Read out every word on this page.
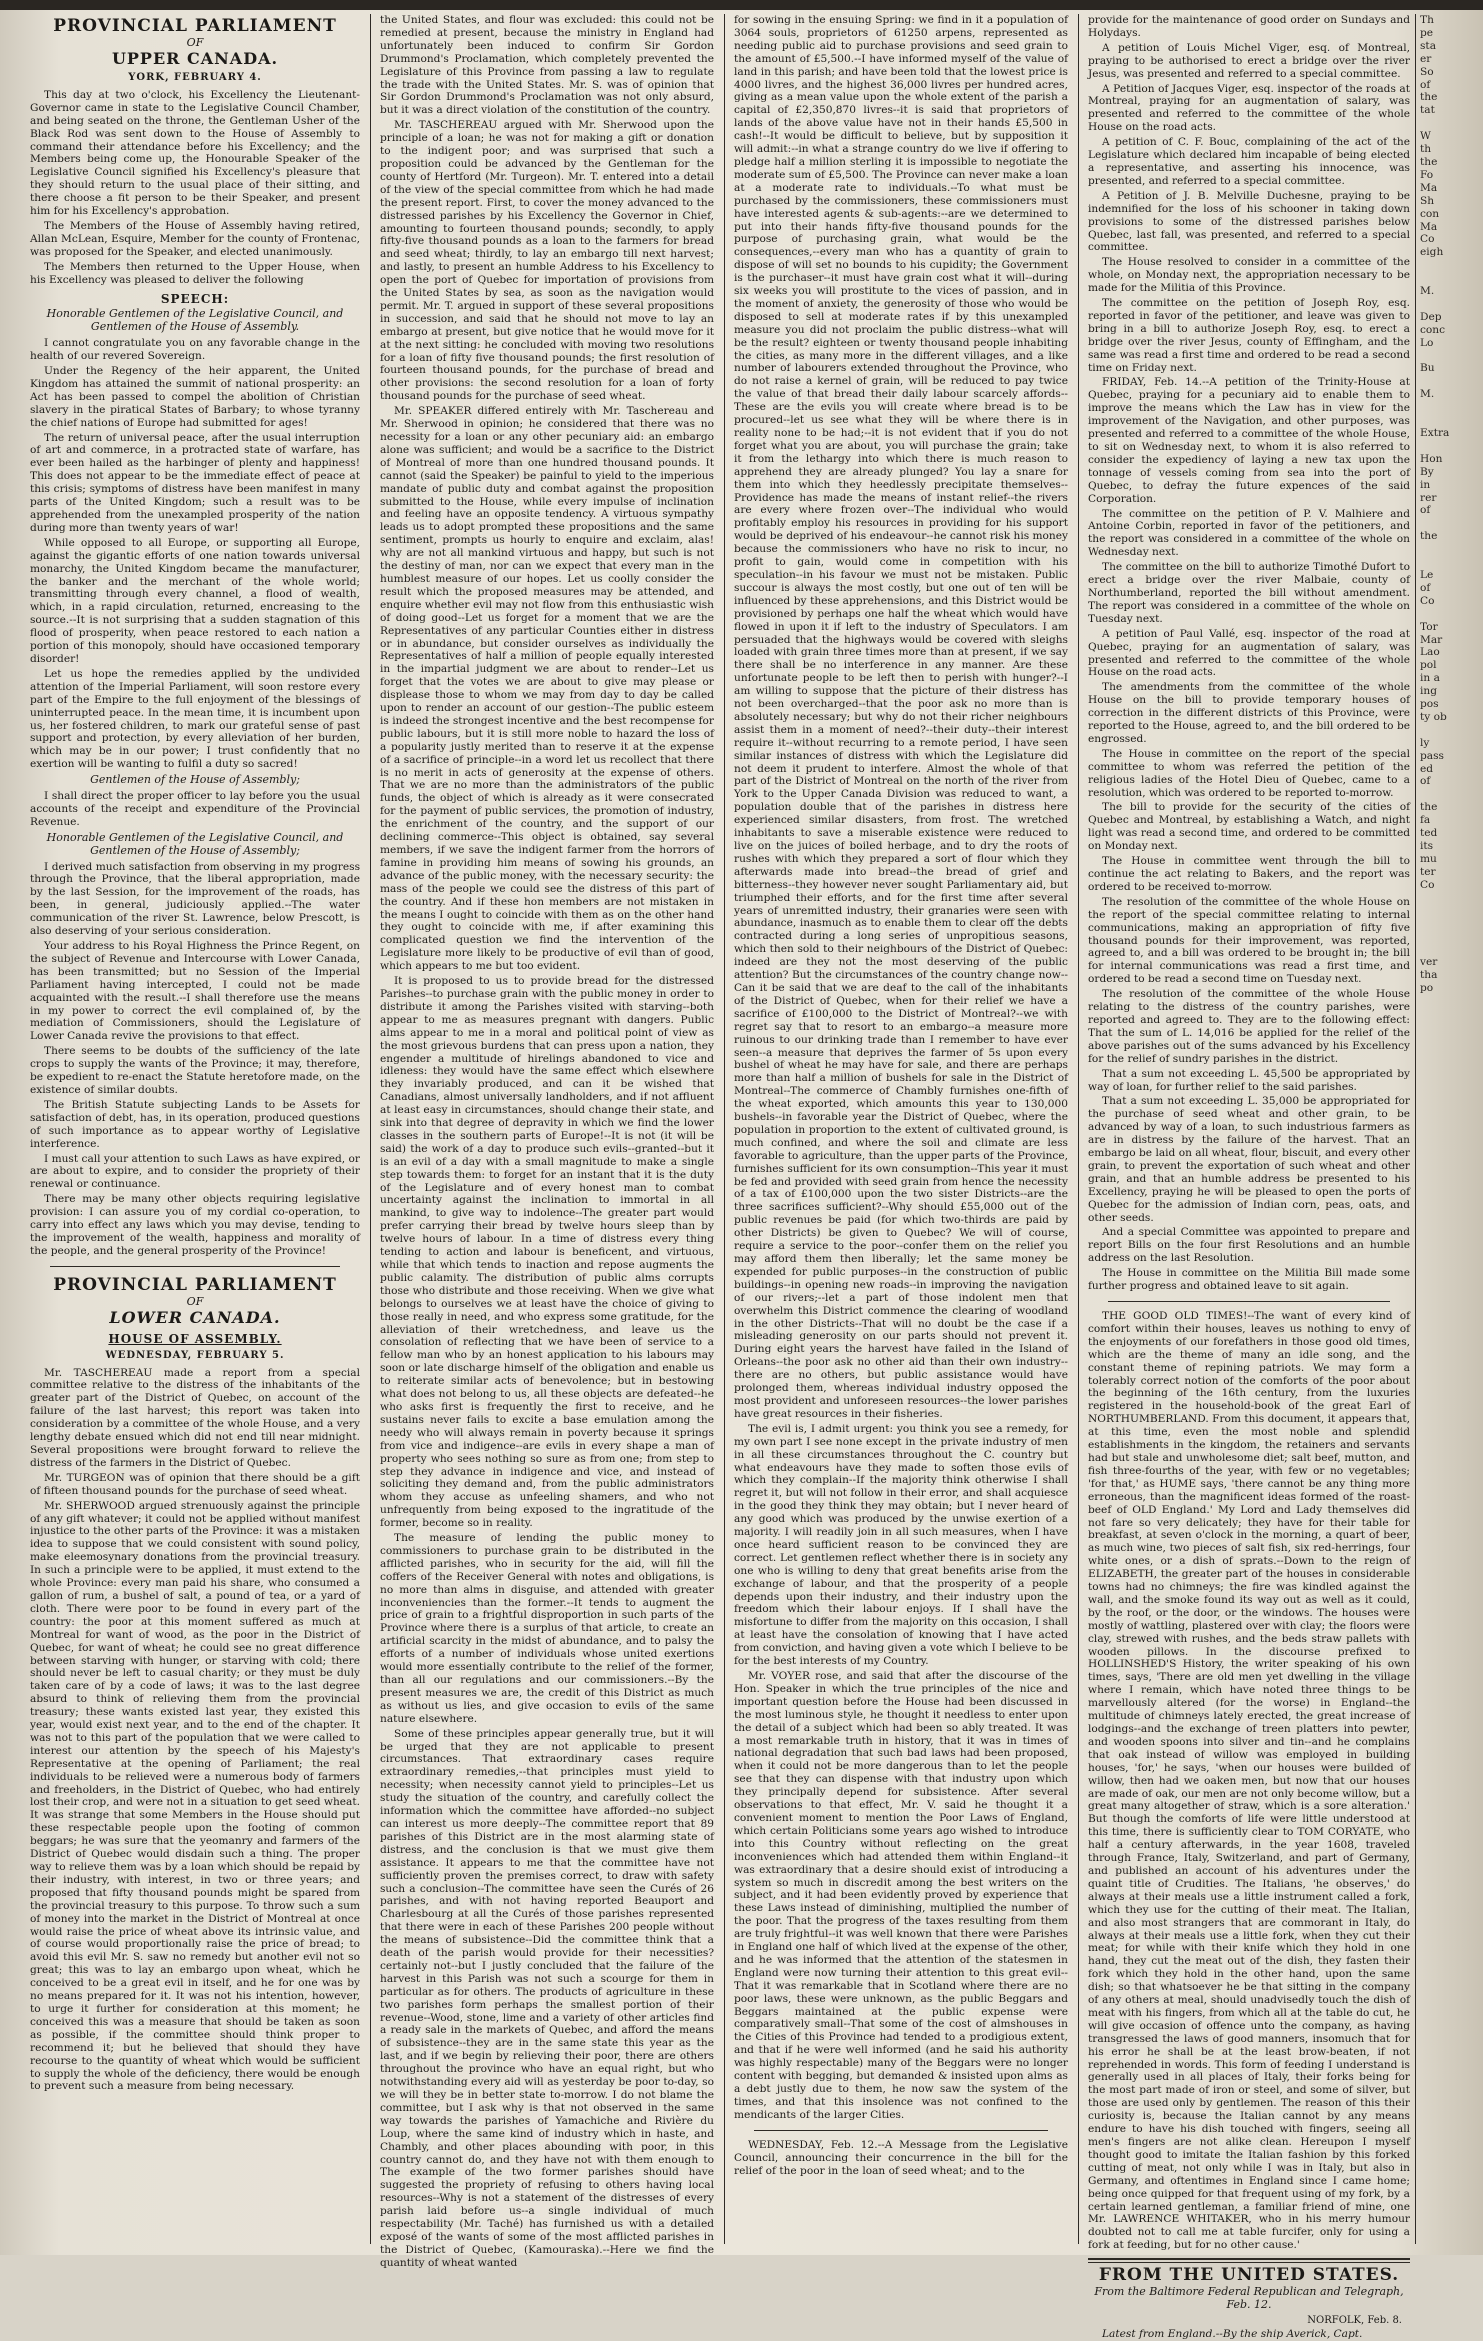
PROVINCIAL PARLIAMENT
OF
UPPER CANADA.
YORK, FEBRUARY 4.

This day at two o'clock, his Excellency the Lieutenant-Governor came in state to the Legislative Council Chamber, and being seated on the throne, the Gentleman Usher of the Black Rod was sent down to the House of Assembly to command their attendance before his Excellency; and the Members being come up, the Honourable Speaker of the Legislative Council signified his Excellency's pleasure that they should return to the usual place of their sitting, and there choose a fit person to be their Speaker, and present him for his Excellency's approbation.

The Members of the House of Assembly having retired, Allan McLean, Esquire, Member for the county of Frontenac, was proposed for the Speaker, and elected unanimously.

The Members then returned to the Upper House, when his Excellency was pleased to deliver the following

SPEECH:
Honorable Gentlemen of the Legislative Council, and Gentlemen of the House of Assembly.

I cannot congratulate you on any favorable change in the health of our revered Sovereign.

Under the Regency of the heir apparent, the United Kingdom has attained the summit of national prosperity: an Act has been passed to compel the abolition of Christian slavery in the piratical States of Barbary; to whose tyranny the chief nations of Europe had submitted for ages!

The return of universal peace, after the usual interruption of art and commerce, in a protracted state of warfare, has ever been hailed as the harbinger of plenty and happiness! This does not appear to be the immediate effect of peace at this crisis; symptoms of distress have been manifest in many parts of the United Kingdom; such a result was to be apprehended from the unexampled prosperity of the nation during more than twenty years of war!

While opposed to all Europe, or supporting all Europe, against the gigantic efforts of one nation towards universal monarchy, the United Kingdom became the manufacturer, the banker and the merchant of the whole world; transmitting through every channel, a flood of wealth, which, in a rapid circulation, returned, encreasing to the source.--It is not surprising that a sudden stagnation of this flood of prosperity, when peace restored to each nation a portion of this monopoly, should have occasioned temporary disorder!

Let us hope the remedies applied by the undivided attention of the Imperial Parliament, will soon restore every part of the Empire to the full enjoyment of the blessings of uninterrupted peace. In the mean time, it is incumbent upon us, her fostered children, to mark our grateful sense of past support and protection, by every alleviation of her burden, which may be in our power; I trust confidently that no exertion will be wanting to fulfil a duty so sacred!

Gentlemen of the House of Assembly;

I shall direct the proper officer to lay before you the usual accounts of the receipt and expenditure of the Provincial Revenue.

Honorable Gentlemen of the Legislative Council, and Gentlemen of the House of Assembly;

I derived much satisfaction from observing in my progress through the Province, that the liberal appropriation, made by the last Session, for the improvement of the roads, has been, in general, judiciously applied.--The water communication of the river St. Lawrence, below Prescott, is also deserving of your serious consideration.

Your address to his Royal Highness the Prince Regent, on the subject of Revenue and Intercourse with Lower Canada, has been transmitted; but no Session of the Imperial Parliament having intercepted, I could not be made acquainted with the result.--I shall therefore use the means in my power to correct the evil complained of, by the mediation of Commissioners, should the Legislature of Lower Canada revive the provisions to that effect.

There seems to be doubts of the sufficiency of the late crops to supply the wants of the Province; it may, therefore, be expedient to re-enact the Statute heretofore made, on the existence of similar doubts.

The British Statute subjecting Lands to be Assets for satisfaction of debt, has, in its operation, produced questions of such importance as to appear worthy of Legislative interference.

I must call your attention to such Laws as have expired, or are about to expire, and to consider the propriety of their renewal or continuance.

There may be many other objects requiring legislative provision: I can assure you of my cordial co-operation, to carry into effect any laws which you may devise, tending to the improvement of the wealth, happiness and morality of the people, and the general prosperity of the Province!

PROVINCIAL PARLIAMENT
OF
LOWER CANADA.
HOUSE OF ASSEMBLY.
WEDNESDAY, FEBRUARY 5.

Mr. TASCHEREAU made a report from a special committee relative to the distress of the inhabitants of the greater part of the District of Quebec, on account of the failure of the last harvest; this report was taken into consideration by a committee of the whole House, and a very lengthy debate ensued which did not end till near midnight. Several propositions were brought forward to relieve the distress of the farmers in the District of Quebec.

Mr. TURGEON was of opinion that there should be a gift of fifteen thousand pounds for the purchase of seed wheat.

Mr. SHERWOOD argued strenuously against the principle of any gift whatever; it could not be applied without manifest injustice to the other parts of the Province: it was a mistaken idea to suppose that we could consistent with sound policy, make eleemosynary donations from the provincial treasury. In such a principle were to be applied, it must extend to the whole Province: every man paid his share, who consumed a gallon of rum, a bushel of salt, a pound of tea, or a yard of cloth. There were poor to be found in every part of the country: the poor at this moment suffered as much at Montreal for want of wood, as the poor in the District of Quebec, for want of wheat; he could see no great difference between starving with hunger, or starving with cold; there should never be left to casual charity; or they must be duly taken care of by a code of laws; it was to the last degree absurd to think of relieving them from the provincial treasury; these wants existed last year, they existed this year, would exist next year, and to the end of the chapter. It was not to this part of the population that we were called to interest our attention by the speech of his Majesty's Representative at the opening of Parliament; the real individuals to be relieved were a numerous body of farmers and freeholders, in the District of Quebec, who had entirely lost their crop, and were not in a situation to get seed wheat. It was strange that some Members in the House should put these respectable people upon the footing of common beggars; he was sure that the yeomanry and farmers of the District of Quebec would disdain such a thing. The proper way to relieve them was by a loan which should be repaid by their industry, with interest, in two or three years; and proposed that fifty thousand pounds might be spared from the provincial treasury to this purpose. To throw such a sum of money into the market in the District of Montreal at once would raise the price of wheat above its intrinsic value, and of course would proportionally raise the price of bread; to avoid this evil Mr. S. saw no remedy but another evil not so great; this was to lay an embargo upon wheat, which he conceived to be a great evil in itself, and he for one was by no means prepared for it. It was not his intention, however, to urge it further for consideration at this moment; he conceived this was a measure that should be taken as soon as possible, if the committee should think proper to recommend it; but he believed that should they have recourse to the quantity of wheat which would be sufficient to supply the whole of the deficiency, there would be enough to prevent such a measure from being necessary.

the United States, and flour was excluded: this could not be remedied at present, because the ministry in England had unfortunately been induced to confirm Sir Gordon Drummond's Proclamation, which completely prevented the Legislature of this Province from passing a law to regulate the trade with the United States. Mr. S. was of opinion that Sir Gordon Drummond's Proclamation was not only absurd, but it was a direct violation of the constitution of the country.

Mr. TASCHEREAU argued with Mr. Sherwood upon the principle of a loan; he was not for making a gift or donation to the indigent poor; and was surprised that such a proposition could be advanced by the Gentleman for the county of Hertford (Mr. Turgeon). Mr. T. entered into a detail of the view of the special committee from which he had made the present report. First, to cover the money advanced to the distressed parishes by his Excellency the Governor in Chief, amounting to fourteen thousand pounds; secondly, to apply fifty-five thousand pounds as a loan to the farmers for bread and seed wheat; thirdly, to lay an embargo till next harvest; and lastly, to present an humble Address to his Excellency to open the port of Quebec for importation of provisions from the United States by sea, as soon as the navigation would permit. Mr. T. argued in support of these several propositions in succession, and said that he should not move to lay an embargo at present, but give notice that he would move for it at the next sitting: he concluded with moving two resolutions for a loan of fifty five thousand pounds; the first resolution of fourteen thousand pounds, for the purchase of bread and other provisions: the second resolution for a loan of forty thousand pounds for the purchase of seed wheat.

Mr. SPEAKER differed entirely with Mr. Taschereau and Mr. Sherwood in opinion; he considered that there was no necessity for a loan or any other pecuniary aid: an embargo alone was sufficient; and would be a sacrifice to the District of Montreal of more than one hundred thousand pounds. It cannot (said the Speaker) be painful to yield to the imperious mandate of public duty and combat against the proposition submitted to the House, while every impulse of inclination and feeling have an opposite tendency. A virtuous sympathy leads us to adopt prompted these propositions and the same sentiment, prompts us hourly to enquire and exclaim, alas! why are not all mankind virtuous and happy, but such is not the destiny of man, nor can we expect that every man in the humblest measure of our hopes. Let us coolly consider the result which the proposed measures may be attended, and enquire whether evil may not flow from this enthusiastic wish of doing good--Let us forget for a moment that we are the Representatives of any particular Counties either in distress or in abundance, but consider ourselves as individually the Representatives of half a million of people equally interested in the impartial judgment we are about to render--Let us forget that the votes we are about to give may please or displease those to whom we may from day to day be called upon to render an account of our gestion--The public esteem is indeed the strongest incentive and the best recompense for public labours, but it is still more noble to hazard the loss of a popularity justly merited than to reserve it at the expense of a sacrifice of principle--in a word let us recollect that there is no merit in acts of generosity at the expense of others. That we are no more than the administrators of the public funds, the object of which is already as it were consecrated for the payment of public services, the promotion of industry, the enrichment of the country, and the support of our declining commerce--This object is obtained, say several members, if we save the indigent farmer from the horrors of famine in providing him means of sowing his grounds, an advance of the public money, with the necessary security: the mass of the people we could see the distress of this part of the country. And if these hon members are not mistaken in the means I ought to coincide with them as on the other hand they ought to coincide with me, if after examining this complicated question we find the intervention of the Legislature more likely to be productive of evil than of good, which appears to me but too evident.

It is proposed to us to provide bread for the distressed Parishes--to purchase grain with the public money in order to distribute it among the Parishes visited with starving--both appear to me as measures pregnant with dangers. Public alms appear to me in a moral and political point of view as the most grievous burdens that can press upon a nation, they engender a multitude of hirelings abandoned to vice and idleness: they would have the same effect which elsewhere they invariably produced, and can it be wished that Canadians, almost universally landholders, and if not affluent at least easy in circumstances, should change their state, and sink into that degree of depravity in which we find the lower classes in the southern parts of Europe!--It is not (it will be said) the work of a day to produce such evils--granted--but it is an evil of a day with a small magnitude to make a single step towards them: to forget for an instant that it is the duty of the Legislature and of every honest man to combat uncertainty against the inclination to immortal in all mankind, to give way to indolence--The greater part would prefer carrying their bread by twelve hours sleep than by twelve hours of labour. In a time of distress every thing tending to action and labour is beneficent, and virtuous, while that which tends to inaction and repose augments the public calamity. The distribution of public alms corrupts those who distribute and those receiving. When we give what belongs to ourselves we at least have the choice of giving to those really in need, and who express some gratitude, for the alleviation of their wretchedness, and leave us the consolation of reflecting that we have been of service to a fellow man who by an honest application to his labours may soon or late discharge himself of the obligation and enable us to reiterate similar acts of benevolence; but in bestowing what does not belong to us, all these objects are defeated--he who asks first is frequently the first to receive, and he sustains never fails to excite a base emulation among the needy who will always remain in poverty because it springs from vice and indigence--are evils in every shape a man of property who sees nothing so sure as from one; from step to step they advance in indigence and vice, and instead of soliciting they demand and, from the public administrators whom they accuse as unfeeling shamers, and who not unfrequently from being exposed to the ingratitude of the former, become so in reality.

The measure of lending the public money to commissioners to purchase grain to be distributed in the afflicted parishes, who in security for the aid, will fill the coffers of the Receiver General with notes and obligations, is no more than alms in disguise, and attended with greater inconveniencies than the former.--It tends to augment the price of grain to a frightful disproportion in such parts of the Province where there is a surplus of that article, to create an artificial scarcity in the midst of abundance, and to palsy the efforts of a number of individuals whose united exertions would more essentially contribute to the relief of the former, than all our regulations and our commissioners.--By the present measures we are, the credit of this District as much as without us lies, and give occasion to evils of the same nature elsewhere.

Some of these principles appear generally true, but it will be urged that they are not applicable to present circumstances. That extraordinary cases require extraordinary remedies,--that principles must yield to necessity; when necessity cannot yield to principles--Let us study the situation of the country, and carefully collect the information which the committee have afforded--no subject can interest us more deeply--The committee report that 89 parishes of this District are in the most alarming state of distress, and the conclusion is that we must give them assistance. It appears to me that the committee have not sufficiently proven the premises correct, to draw with safety such a conclusion--The committee have seen the Curés of 26 parishes, and with not having reported Beauport and Charlesbourg at all the Curés of those parishes represented that there were in each of these Parishes 200 people without the means of subsistence--Did the committee think that a death of the parish would provide for their necessities? certainly not--but I justly concluded that the failure of the harvest in this Parish was not such a scourge for them in particular as for others. The products of agriculture in these two parishes form perhaps the smallest portion of their revenue--Wood, stone, lime and a variety of other articles find a ready sale in the markets of Quebec, and afford the means of subsistence--they are in the same state this year as the last, and if we begin by relieving their poor, there are others throughout the province who have an equal right, but who notwithstanding every aid will as yesterday be poor to-day, so we will they be in better state to-morrow. I do not blame the committee, but I ask why is that not observed in the same way towards the parishes of Yamachiche and Rivière du Loup, where the same kind of industry which in haste, and Chambly, and other places abounding with poor, in this country cannot do, and they have not with them enough to The example of the two former parishes should have suggested the propriety of refusing to others having local resources--Why is not a statement of the distresses of every parish laid before us--a single individual of much respectability (Mr. Taché) has furnished us with a detailed exposé of the wants of some of the most afflicted parishes in the District of Quebec, (Kamouraska).--Here we find the quantity of wheat wanted

for sowing in the ensuing Spring: we find in it a population of 3064 souls, proprietors of 61250 arpens, represented as needing public aid to purchase provisions and seed grain to the amount of £5,500.--I have informed myself of the value of land in this parish; and have been told that the lowest price is 4000 livres, and the highest 36,000 livres per hundred acres, giving as a mean value upon the whole extent of the parish a capital of £2,350,870 livres--it is said that proprietors of lands of the above value have not in their hands £5,500 in cash!--It would be difficult to believe, but by supposition it will admit:--in what a strange country do we live if offering to pledge half a million sterling it is impossible to negotiate the moderate sum of £5,500. The Province can never make a loan at a moderate rate to individuals.--To what must be purchased by the commissioners, these commissioners must have interested agents & sub-agents:--are we determined to put into their hands fifty-five thousand pounds for the purpose of purchasing grain, what would be the consequences,--every man who has a quantity of grain to dispose of will set no bounds to his cupidity; the Government is the purchaser--it must have grain cost what it will--during six weeks you will prostitute to the vices of passion, and in the moment of anxiety, the generosity of those who would be disposed to sell at moderate rates if by this unexampled measure you did not proclaim the public distress--what will be the result? eighteen or twenty thousand people inhabiting the cities, as many more in the different villages, and a like number of labourers extended throughout the Province, who do not raise a kernel of grain, will be reduced to pay twice the value of that bread their daily labour scarcely affords--These are the evils you will create where bread is to be procured--let us see what they will be where there is in reality none to be had;--it is not evident that if you do not forget what you are about, you will purchase the grain; take it from the lethargy into which there is much reason to apprehend they are already plunged? You lay a snare for them into which they heedlessly precipitate themselves--Providence has made the means of instant relief--the rivers are every where frozen over--The individual who would profitably employ his resources in providing for his support would be deprived of his endeavour--he cannot risk his money because the commissioners who have no risk to incur, no profit to gain, would come in competition with his speculation--in his favour we must not be mistaken. Public succour is always the most costly, but one out of ten will be influenced by these apprehensions, and this District would be provisioned by perhaps one half the wheat which would have flowed in upon it if left to the industry of Speculators. I am persuaded that the highways would be covered with sleighs loaded with grain three times more than at present, if we say there shall be no interference in any manner. Are these unfortunate people to be left then to perish with hunger?--I am willing to suppose that the picture of their distress has not been overcharged--that the poor ask no more than is absolutely necessary; but why do not their richer neighbours assist them in a moment of need?--their duty--their interest require it--without recurring to a remote period, I have seen similar instances of distress with which the Legislature did not deem it prudent to interfere. Almost the whole of that part of the District of Montreal on the north of the river from York to the Upper Canada Division was reduced to want, a population double that of the parishes in distress here experienced similar disasters, from frost. The wretched inhabitants to save a miserable existence were reduced to live on the juices of boiled herbage, and to dry the roots of rushes with which they prepared a sort of flour which they afterwards made into bread--the bread of grief and bitterness--they however never sought Parliamentary aid, but triumphed their efforts, and for the first time after several years of unremitted industry, their granaries were seen with abundance, inasmuch as to enable them to clear off the debts contracted during a long series of unpropitious seasons, which then sold to their neighbours of the District of Quebec: indeed are they not the most deserving of the public attention? But the circumstances of the country change now--Can it be said that we are deaf to the call of the inhabitants of the District of Quebec, when for their relief we have a sacrifice of £100,000 to the District of Montreal?--we with regret say that to resort to an embargo--a measure more ruinous to our drinking trade than I remember to have ever seen--a measure that deprives the farmer of 5s upon every bushel of wheat he may have for sale, and there are perhaps more than half a million of bushels for sale in the District of Montreal--The commerce of Chambly furnishes one-fifth of the wheat exported, which amounts this year to 130,000 bushels--in favorable year the District of Quebec, where the population in proportion to the extent of cultivated ground, is much confined, and where the soil and climate are less favorable to agriculture, than the upper parts of the Province, furnishes sufficient for its own consumption--This year it must be fed and provided with seed grain from hence the necessity of a tax of £100,000 upon the two sister Districts--are the three sacrifices sufficient?--Why should £55,000 out of the public revenues be paid (for which two-thirds are paid by other Districts) be given to Quebec? We will of course, require a service to the poor--confer them on the relief you may afford them then liberally; let the same money be expended for public purposes--in the construction of public buildings--in opening new roads--in improving the navigation of our rivers;--let a part of those indolent men that overwhelm this District commence the clearing of woodland in the other Districts--That will no doubt be the case if a misleading generosity on our parts should not prevent it. During eight years the harvest have failed in the Island of Orleans--the poor ask no other aid than their own industry--there are no others, but public assistance would have prolonged them, whereas individual industry opposed the most provident and unforeseen resources--the lower parishes have great resources in their fisheries.

The evil is, I admit urgent: you think you see a remedy, for my own part I see none except in the private industry of men in all these circumstances throughout the C. country but what endeavours have they made to soften those evils of which they complain--If the majority think otherwise I shall regret it, but will not follow in their error, and shall acquiesce in the good they think they may obtain; but I never heard of any good which was produced by the unwise exertion of a majority. I will readily join in all such measures, when I have once heard sufficient reason to be convinced they are correct. Let gentlemen reflect whether there is in society any one who is willing to deny that great benefits arise from the exchange of labour, and that the prosperity of a people depends upon their industry, and their industry upon the freedom which their labour enjoys. If I shall have the misfortune to differ from the majority on this occasion, I shall at least have the consolation of knowing that I have acted from conviction, and having given a vote which I believe to be for the best interests of my Country.

Mr. VOYER rose, and said that after the discourse of the Hon. Speaker in which the true principles of the nice and important question before the House had been discussed in the most luminous style, he thought it needless to enter upon the detail of a subject which had been so ably treated. It was a most remarkable truth in history, that it was in times of national degradation that such bad laws had been proposed, when it could not be more dangerous than to let the people see that they can dispense with that industry upon which they principally depend for subsistence. After several observations to that effect, Mr. V. said he thought it a convenient moment to mention the Poor Laws of England, which certain Politicians some years ago wished to introduce into this Country without reflecting on the great inconveniences which had attended them within England--it was extraordinary that a desire should exist of introducing a system so much in discredit among the best writers on the subject, and it had been evidently proved by experience that these Laws instead of diminishing, multiplied the number of the poor. That the progress of the taxes resulting from them are truly frightful--it was well known that there were Parishes in England one half of which lived at the expense of the other, and he was informed that the attention of the statesmen in England were now turning their attention to this great evil--That it was remarkable that in Scotland where there are no poor laws, these were unknown, as the public Beggars and Beggars maintained at the public expense were comparatively small--That some of the cost of almshouses in the Cities of this Province had tended to a prodigious extent, and that if he were well informed (and he said his authority was highly respectable) many of the Beggars were no longer content with begging, but demanded & insisted upon alms as a debt justly due to them, he now saw the system of the times, and that this insolence was not confined to the mendicants of the larger Cities.

WEDNESDAY, Feb. 12.--A Message from the Legislative Council, announcing their concurrence in the bill for the relief of the poor in the loan of seed wheat; and to the

provide for the maintenance of good order on Sundays and Holydays.

A petition of Louis Michel Viger, esq. of Montreal, praying to be authorised to erect a bridge over the river Jesus, was presented and referred to a special committee.

A Petition of Jacques Viger, esq. inspector of the roads at Montreal, praying for an augmentation of salary, was presented and referred to the committee of the whole House on the road acts.

A petition of C. F. Bouc, complaining of the act of the Legislature which declared him incapable of being elected a representative, and asserting his innocence, was presented, and referred to a special committee.

A Petition of J. B. Melville Duchesne, praying to be indemnified for the loss of his schooner in taking down provisions to some of the distressed parishes below Quebec, last fall, was presented, and referred to a special committee.

The House resolved to consider in a committee of the whole, on Monday next, the appropriation necessary to be made for the Militia of this Province.

The committee on the petition of Joseph Roy, esq. reported in favor of the petitioner, and leave was given to bring in a bill to authorize Joseph Roy, esq. to erect a bridge over the river Jesus, county of Effingham, and the same was read a first time and ordered to be read a second time on Friday next.

FRIDAY, Feb. 14.--A petition of the Trinity-House at Quebec, praying for a pecuniary aid to enable them to improve the means which the Law has in view for the improvement of the Navigation, and other purposes, was presented and referred to a committee of the whole House, to sit on Wednesday next, to whom it is also referred to consider the expediency of laying a new tax upon the tonnage of vessels coming from sea into the port of Quebec, to defray the future expences of the said Corporation.

The committee on the petition of P. V. Malhiere and Antoine Corbin, reported in favor of the petitioners, and the report was considered in a committee of the whole on Wednesday next.

The committee on the bill to authorize Timothé Dufort to erect a bridge over the river Malbaie, county of Northumberland, reported the bill without amendment. The report was considered in a committee of the whole on Tuesday next.

A petition of Paul Vallé, esq. inspector of the road at Quebec, praying for an augmentation of salary, was presented and referred to the committee of the whole House on the road acts.

The amendments from the committee of the whole House on the bill to provide temporary houses of correction in the different districts of this Province, were reported to the House, agreed to, and the bill ordered to be engrossed.

The House in committee on the report of the special committee to whom was referred the petition of the religious ladies of the Hotel Dieu of Quebec, came to a resolution, which was ordered to be reported to-morrow.

The bill to provide for the security of the cities of Quebec and Montreal, by establishing a Watch, and night light was read a second time, and ordered to be committed on Monday next.

The House in committee went through the bill to continue the act relating to Bakers, and the report was ordered to be received to-morrow.

The resolution of the committee of the whole House on the report of the special committee relating to internal communications, making an appropriation of fifty five thousand pounds for their improvement, was reported, agreed to, and a bill was ordered to be brought in; the bill for internal communications was read a first time, and ordered to be read a second time on Tuesday next.

The resolution of the committee of the whole House relating to the distress of the country parishes, were reported and agreed to. They are to the following effect: That the sum of L. 14,016 be applied for the relief of the above parishes out of the sums advanced by his Excellency for the relief of sundry parishes in the district.

That a sum not exceeding L. 45,500 be appropriated by way of loan, for further relief to the said parishes.

That a sum not exceeding L. 35,000 be appropriated for the purchase of seed wheat and other grain, to be advanced by way of a loan, to such industrious farmers as are in distress by the failure of the harvest. That an embargo be laid on all wheat, flour, biscuit, and every other grain, to prevent the exportation of such wheat and other grain, and that an humble address be presented to his Excellency, praying he will be pleased to open the ports of Quebec for the admission of Indian corn, peas, oats, and other seeds.

And a special Committee was appointed to prepare and report Bills on the four first Resolutions and an humble address on the last Resolution.

The House in committee on the Militia Bill made some further progress and obtained leave to sit again.

THE GOOD OLD TIMES!--The want of every kind of comfort within their houses, leaves us nothing to envy of the enjoyments of our forefathers in those good old times, which are the theme of many an idle song, and the constant theme of repining patriots. We may form a tolerably correct notion of the comforts of the poor about the beginning of the 16th century, from the luxuries registered in the household-book of the great Earl of NORTHUMBERLAND. From this document, it appears that, at this time, even the most noble and splendid establishments in the kingdom, the retainers and servants had but stale and unwholesome diet; salt beef, mutton, and fish three-fourths of the year, with few or no vegetables; 'for that,' as HUME says, 'there cannot be any thing more erroneous, than the magnificent ideas formed of the roast-beef of OLD England.' My Lord and Lady themselves did not fare so very delicately; they have for their table for breakfast, at seven o'clock in the morning, a quart of beer, as much wine, two pieces of salt fish, six red-herrings, four white ones, or a dish of sprats.--Down to the reign of ELIZABETH, the greater part of the houses in considerable towns had no chimneys; the fire was kindled against the wall, and the smoke found its way out as well as it could, by the roof, or the door, or the windows. The houses were mostly of wattling, plastered over with clay; the floors were clay, strewed with rushes, and the beds straw pallets with wooden pillows. In the discourse prefixed to HOLLINSHED'S History, the writer speaking of his own times, says, 'There are old men yet dwelling in the village where I remain, which have noted three things to be marvellously altered (for the worse) in England--the multitude of chimneys lately erected, the great increase of lodgings--and the exchange of treen platters into pewter, and wooden spoons into silver and tin--and he complains that oak instead of willow was employed in building houses, 'for,' he says, 'when our houses were builded of willow, then had we oaken men, but now that our houses are made of oak, our men are not only become willow, but a great many altogether of straw, which is a sore alteration.' But though the comforts of life were little understood at this time, there is sufficiently clear to TOM CORYATE, who half a century afterwards, in the year 1608, traveled through France, Italy, Switzerland, and part of Germany, and published an account of his adventures under the quaint title of Crudities. The Italians, 'he observes,' do always at their meals use a little instrument called a fork, which they use for the cutting of their meat. The Italian, and also most strangers that are commorant in Italy, do always at their meals use a little fork, when they cut their meat; for while with their knife which they hold in one hand, they cut the meat out of the dish, they fasten their fork which they hold in the other hand, upon the same dish; so that whatsoever he be that sitting in the company of any others at meal, should unadvisedly touch the dish of meat with his fingers, from which all at the table do cut, he will give occasion of offence unto the company, as having transgressed the laws of good manners, insomuch that for his error he shall be at the least brow-beaten, if not reprehended in words. This form of feeding I understand is generally used in all places of Italy, their forks being for the most part made of iron or steel, and some of silver, but those are used only by gentlemen. The reason of this their curiosity is, because the Italian cannot by any means endure to have his dish touched with fingers, seeing all men's fingers are not alike clean. Hereupon I myself thought good to imitate the Italian fashion by this forked cutting of meat, not only while I was in Italy, but also in Germany, and oftentimes in England since I came home; being once quipped for that frequent using of my fork, by a certain learned gentleman, a familiar friend of mine, one Mr. LAWRENCE WHITAKER, who in his merry humour doubted not to call me at table furcifer, only for using a fork at feeding, but for no other cause.'

FROM THE UNITED STATES.
From the Baltimore Federal Republican and Telegraph, Feb. 12.
NORFOLK, Feb. 8.

Latest from England.--By the ship Averick, Capt.

Th
pe
sta
er
So
of
the
tat

W
th
the
Fo
Ma
Sh
con
Ma
Co
eigh

M.

Dep
conc
Lo

Bu

M.

Extra

Hon
By
in
rer
of

the

Le
of
Co

Tor
Mar
Lao
pol
in a
ing
pos
ty ob

ly
pass
ed
of

the
fa
ted
its
mu
ter
Co

ver
tha
po
